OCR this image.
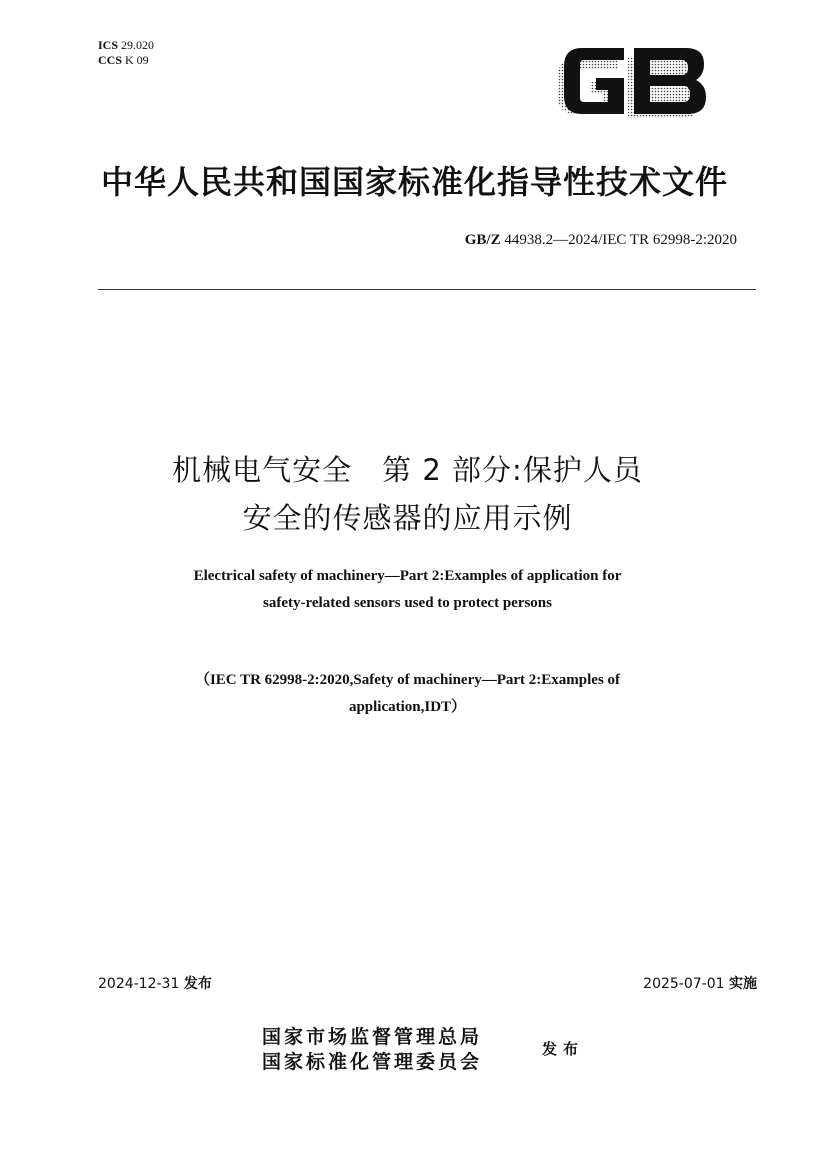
ICS 29.020
CCS K 09
中华人民共和国国家标准化指导性技术文件
GB/Z 44938.2—2024/IEC TR 62998-2:2020
机械电气安全　第 2 部分:保护人员
安全的传感器的应用示例
Electrical safety of machinery—Part 2:Examples of application for
safety-related sensors used to protect persons
（IEC TR 62998-2:2020,Safety of machinery—Part 2:Examples of
application,IDT）
2024-12-31 发布	2025-07-01 实施
国家市场监督管理总局
国家标准化管理委员会
发布
